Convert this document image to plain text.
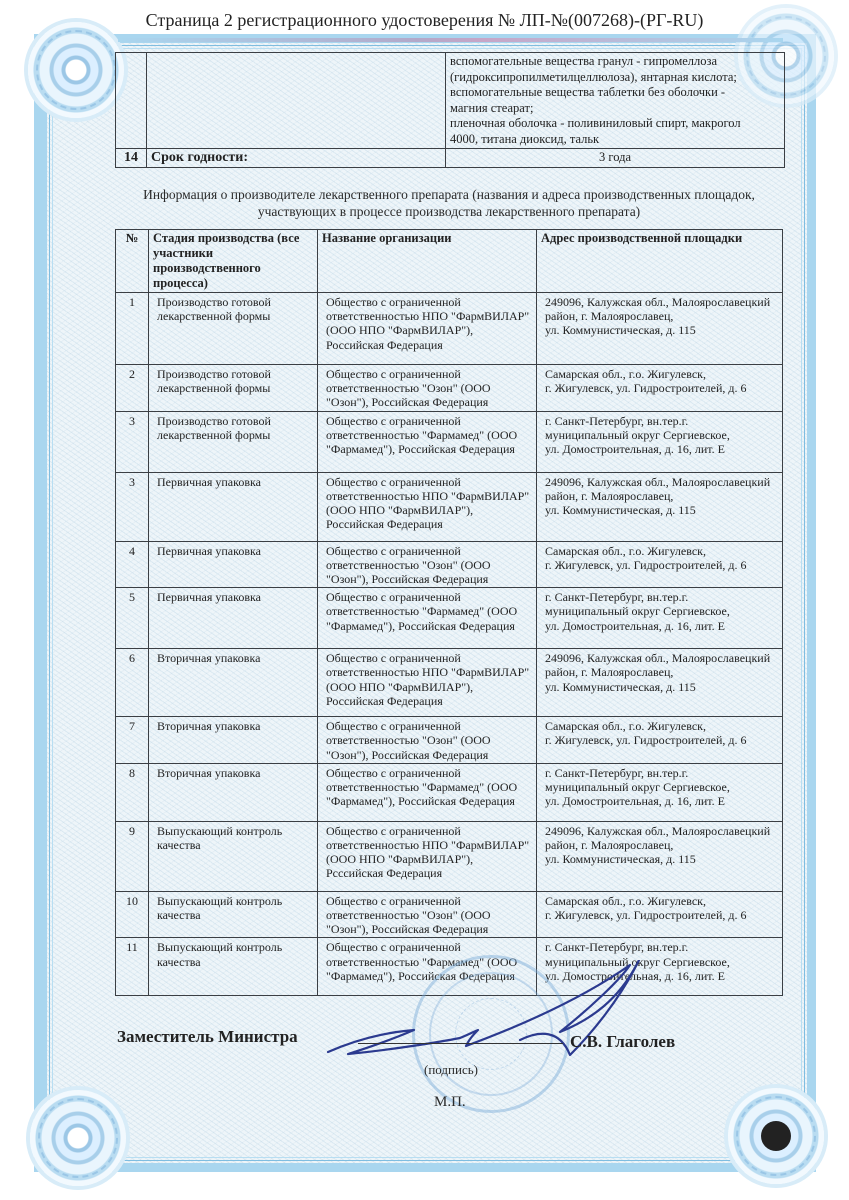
Страница 2 регистрационного удостоверения № ЛП-№(007268)-(РГ-RU)

вспомогательные вещества гранул - гипромеллоза
(гидроксипропилметилцеллюлоза), янтарная кислота;
вспомогательные вещества таблетки без оболочки -
магния стеарат;
пленочная оболочка - поливиниловый спирт, макрогол
4000, титана диоксид, тальк

14	Срок годности:	3 года
Информация о производителе лекарственного препарата (названия и адреса производственных площадок,
участвующих в процессе производства лекарственного препарата)
№	Стадия производства (все участники производственного процесса)	Название организации	Адрес производственной площадки
1	Производство готовой лекарственной формы	Общество с ограниченной ответственностью НПО "ФармВИЛАР" (ООО НПО "ФармВИЛАР"), Российская Федерация	249096, Калужская обл., Малоярославецкий
район, г. Малоярославец,
ул. Коммунистическая, д. 115

2	Производство готовой лекарственной формы	Общество с ограниченной ответственностью "Озон" (ООО "Озон"), Российская Федерация	Самарская обл., г.о. Жигулевск,
г. Жигулевск, ул. Гидростроителей, д. 6

3	Производство готовой лекарственной формы	Общество с ограниченной ответственностью "Фармамед" (ООО "Фармамед"), Российская Федерация	г. Санкт-Петербург, вн.тер.г.
муниципальный округ Сергиевское,
ул. Домостроительная, д. 16, лит. Е

3	Первичная упаковка	Общество с ограниченной ответственностью НПО "ФармВИЛАР" (ООО НПО "ФармВИЛАР"), Российская Федерация	249096, Калужская обл., Малоярославецкий
район, г. Малоярославец,
ул. Коммунистическая, д. 115

4	Первичная упаковка	Общество с ограниченной ответственностью "Озон" (ООО "Озон"), Российская Федерация	Самарская обл., г.о. Жигулевск,
г. Жигулевск, ул. Гидростроителей, д. 6

5	Первичная упаковка	Общество с ограниченной ответственностью "Фармамед" (ООО "Фармамед"), Российская Федерация	г. Санкт-Петербург, вн.тер.г.
муниципальный округ Сергиевское,
ул. Домостроительная, д. 16, лит. Е

6	Вторичная упаковка	Общество с ограниченной ответственностью НПО "ФармВИЛАР" (ООО НПО "ФармВИЛАР"), Российская Федерация	249096, Калужская обл., Малоярославецкий
район, г. Малоярославец,
ул. Коммунистическая, д. 115

7	Вторичная упаковка	Общество с ограниченной ответственностью "Озон" (ООО "Озон"), Российская Федерация	Самарская обл., г.о. Жигулевск,
г. Жигулевск, ул. Гидростроителей, д. 6

8	Вторичная упаковка	Общество с ограниченной ответственностью "Фармамед" (ООО "Фармамед"), Российская Федерация	г. Санкт-Петербург, вн.тер.г.
муниципальный округ Сергиевское,
ул. Домостроительная, д. 16, лит. Е

9	Выпускающий контроль качества	Общество с ограниченной ответственностью НПО "ФармВИЛАР" (ООО НПО "ФармВИЛАР"), Рсссийская Федерация	249096, Калужская обл., Малоярославецкий
район, г. Малоярославец,
ул. Коммунистическая, д. 115

10	Выпускающий контроль качества	Общество с ограниченной ответственностью "Озон" (ООО "Озон"), Российская Федерация	Самарская обл., г.о. Жигулевск,
г. Жигулевск, ул. Гидростроителей, д. 6

11	Выпускающий контроль качества	Общество с ограниченной ответственностью "Фармамед" (ООО "Фармамед"), Российская Федерация	г. Санкт-Петербург, вн.тер.г.
муниципальный округ Сергиевское,
ул. Домостроительная, д. 16, лит. Е
Заместитель Министра	С.В. Глаголев
(подпись)
М.П.
